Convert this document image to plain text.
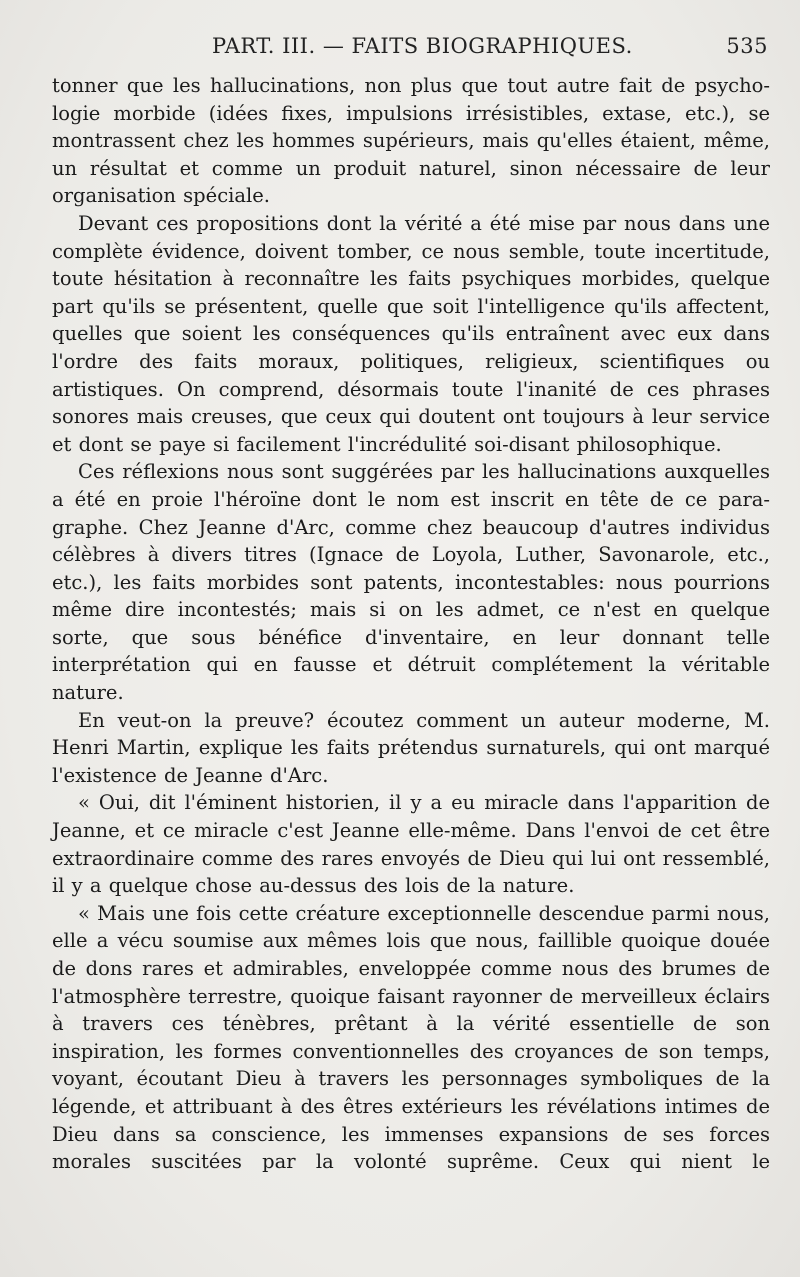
PART. III. — FAITS BIOGRAPHIQUES.	535

tonner que les hallucinations, non plus que tout autre fait de psychologie morbide (idées fixes, impulsions irrésistibles, extase, etc.), se montrassent chez les hommes supérieurs, mais qu'elles étaient, même, un résultat et comme un produit naturel, sinon nécessaire de leur organisation spéciale.

Devant ces propositions dont la vérité a été mise par nous dans une complète évidence, doivent tomber, ce nous semble, toute incertitude, toute hésitation à reconnaître les faits psychiques morbides, quelque part qu'ils se présentent, quelle que soit l'intelligence qu'ils affectent, quelles que soient les conséquences qu'ils entraînent avec eux dans l'ordre des faits moraux, politiques, religieux, scientifiques ou artistiques. On comprend, désormais toute l'inanité de ces phrases sonores mais creuses, que ceux qui doutent ont toujours à leur service et dont se paye si facilement l'incrédulité soi-disant philosophique.

Ces réflexions nous sont suggérées par les hallucinations auxquelles a été en proie l'héroïne dont le nom est inscrit en tête de ce paragraphe. Chez Jeanne d'Arc, comme chez beaucoup d'autres individus célèbres à divers titres (Ignace de Loyola, Luther, Savonarole, etc., etc.), les faits morbides sont patents, incontestables: nous pourrions même dire incontestés; mais si on les admet, ce n'est en quelque sorte, que sous bénéfice d'inventaire, en leur donnant telle interprétation qui en fausse et détruit complétement la véritable nature.

En veut-on la preuve? écoutez comment un auteur moderne, M. Henri Martin, explique les faits prétendus surnaturels, qui ont marqué l'existence de Jeanne d'Arc.

« Oui, dit l'éminent historien, il y a eu miracle dans l'apparition de Jeanne, et ce miracle c'est Jeanne elle-même. Dans l'envoi de cet être extraordinaire comme des rares envoyés de Dieu qui lui ont ressemblé, il y a quelque chose au-dessus des lois de la nature.

« Mais une fois cette créature exceptionnelle descendue parmi nous, elle a vécu soumise aux mêmes lois que nous, faillible quoique douée de dons rares et admirables, enveloppée comme nous des brumes de l'atmosphère terrestre, quoique faisant rayonner de merveilleux éclairs à travers ces ténèbres, prêtant à la vérité essentielle de son inspiration, les formes conventionnelles des croyances de son temps, voyant, écoutant Dieu à travers les personnages symboliques de la légende, et attribuant à des êtres extérieurs les révélations intimes de Dieu dans sa conscience, les immenses expansions de ses forces morales suscitées par la volonté suprême. Ceux qui nient le
